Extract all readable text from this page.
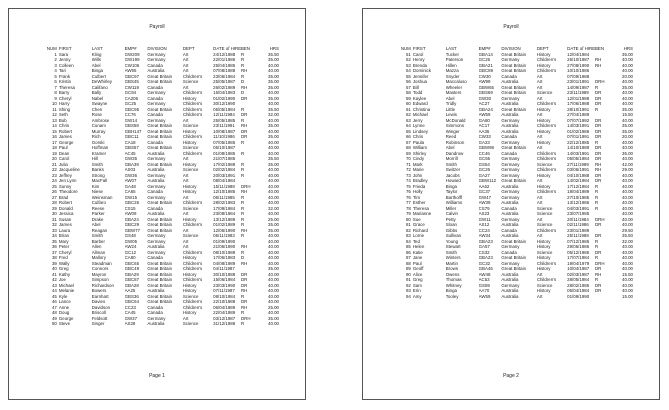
Payroll
NUM	FIRST	LAST	EMP#	DIVISION	DEPT	DATE of HIRE	BEN	HRS
1	Sara	Kling	GW209	Germany	Art	24/12/1988	R	35.50
2	Jenny	Wills	GW199	Germany	Art	22/01/1986	R	35.00
3	Colleen	Abel	CW106	Canada	Art	25/04/1985	R	40.00
4	Tari	Binga	AW95	Australia	Art	07/08/1988	RH	40.00
5	Frank	Culbert	GBC97	Great Britain	Children's	23/06/1984	R	35.00
6	Kristin	DeWhirley	GBS45	Great Britain	Science	25/05/1987	D	35.00
7	Theresa	Califano	CW119	Canada	Art	26/02/1989	RH	35.00
8	Barry	Bally	GC94	Germany	Children's	15/04/1983	D	40.00
9	Cheryl	Nabel	CA206	Canada	History	01/02/1990	DR	35.00
10	Harry	Swayne	GC25	Germany	Children's	30/12/1990		40.00
11	Shing	Chen	GBC95	Great Britain	Children's	05/05/1984	R	35.50
12	Seth	Rose	CC76	Canada	Children's	12/11/1984	DR	32.00
13	Bob	Ambrose	GW14	Germany	Art	25/05/1985	R	40.00
14	Chris	Cunam	GBS58	Great Britain	Science	23/11/1991	RH	35.00
15	Robert	Murray	GBH147	Great Britain	History	10/08/1987	DR	40.00
16	James	Rich	GBC11	Great Britain	Children's	11/10/1986	DR	35.00
17	George	Gorski	CA18	Canada	History	07/05/1985	R	40.00
18	Paul	Hoffman	GBS57	Great Britain	Science	05/10/1987		40.00
19	Dean	Kramer	AC45	Australia	Children's	01/08/1985	R	40.00
20	Carol	Hill	GW35	Germany	Art	21/07/1986		35.50
21	Julia	Smith	GBA39	Great Britain	History	17/02/1988	R	35.00
22	Jacqueline	Banks	AS03	Australia	Science	02/02/1984	R	40.00
23	Jeffrey	Strong	GW36	Germany	Art	20/03/1991	R	40.00
24	Jen Lynn	MacFall	AW07	Australia	Art	08/04/1984		40.00
25	Sunny	Kim	GA48	Germany	History	15/11/1988	DRH	40.00
26	Theodore	Niese	CA65	Canada	History	12/10/1985	RH	40.00
27	Brad	Weinsman	GW15	Germany	Art	06/11/1985	R	40.00
28	Robert	Culfaro	GBC26	Great Britain	Children's	28/02/1983	R	40.00
29	Donald	Reese	CS15	Canada	Science	17/09/1984	R	32.00
30	Jessica	Parker	AW09	Australia	Art	23/08/1984	R	40.00
31	Susan	Drake	GBA24	Great Britain	History	13/12/1989	R	25.00
32	James	Abel	GBC29	Great Britain	Children's	01/02/1989	R	35.00
33	Laura	Reagan	GBW77	Great Britain	Art	12/06/1990	RH	35.00
34	Brian	Smith	GS48	Germany	Science	05/11/1983	R	40.00
35	Mary	Barber	GW05	Germany	Art	01/09/1990		40.00
36	Peter	Allen	AW24	Australia	Art	21/06/1990	RH	40.00
37	Cheryl	Allman	GC12	Germany	Children's	08/10/1988	R	40.00
38	Fred	Mallory	CA80	Canada	History	17/06/1983	D	40.00
39	Wally	Steadman	GBC65	Great Britain	Children's	04/08/1989	RH	40.00
40	Greg	Connors	GBC49	Great Britain	Children's	04/11/1987		35.00
41	Kathy	Mayron	GBA29	Great Britain	History	30/10/1988	DR	40.00
42	Joe	Simpson	GBC87	Great Britain	Children's	15/06/1984	DR	40.00
43	Michael	Richardson	GBA28	Great Britain	History	23/03/1990	DR	40.00
44	Melanie	Bowers	AA25	Australia	History	07/11/1987	RH	40.00
45	Kyle	Earnhart	GBS36	Great Britain	Science	08/10/1984	R	40.00
46	Lance	Davies	GBC64	Great Britain	Children's	22/10/1988	DR	40.00
47	Anne	Davidson	CC23	Canada	Children's	06/04/1989	RH	25.00
48	Doug	Briscoll	CA45	Canada	History	22/04/1989	R	40.00
49	George	Feldsott	GW37	Germany	Art	03/12/1987	DRH	35.00
50	Steve	Singer	AS28	Australia	Science	31/12/1988	R	40.00
Page 1
Payroll
NUM	FIRST	LAST	EMP#	DIVISION	DEPT	DATE of HIRE	BEN	HRS
51	Carol	Tucker	GBA14	Great Britain	History	12/04/1984		35.00
52	Henry	Paterson	GC26	Germany	Children's	26/10/1987	RH	40.00
53	Brenda	Hillen	GBA21	Great Britain	History	27/08/1990	RH	40.00
54	Dominick	Mazza	GBC89	Great Britain	Children's	10/10/1986		40.00
55	Jennifer	Snyder	CW30	Canada	Art	07/09/1988		20.00
56	Joshua	Maccaluso	AW99	Australia	Art	23/01/1991	DRH	40.00
57	Bill	Wheeler	GBW65	Great Britain	Art	14/09/1987	R	35.00
58	Todd	Masters	GBS69	Great Britain	Science	23/11/1989	DR	40.00
59	Kaylee	Abel	GW30	Germany	Art	12/01/1988	DR	40.00
60	Edward	Tridly	AC27	Australia	Children's	17/06/1988	DR	40.00
61	Christina	Little	GBA24	Great Britain	History	28/10/1991	R	35.00
62	Michael	Lewis	AW59	Australia	Art	27/04/1989		15.50
63	Jerry	McDonald	GA80	Germany	History	07/07/1992	DR	40.00
64	Lynne	Simmons	AC17	Australia	Children's	14/03/1991	DR	35.00
65	Lindsey	Winger	AA35	Australia	History	01/02/1986	DR	35.00
66	Chris	Reed	CW33	Canada	Art	07/01/1991	DR	20.00
67	Paula	Robinson	GA23	Germany	History	22/12/1985	R	40.00
68	William	Abel	GBW98	Great Britain	Art	14/10/1989	DR	40.00
69	Shirley	Dandrow	CC46	Canada	Children's	14/03/1991	DR	35.00
70	Cindy	Morrill	GC56	Germany	Children's	05/05/1984	DR	40.00
71	Mark	Smith	GS54	Germany	Science	27/11/1989	RH	42.00
72	Marie	Switzer	GC26	Germany	Children's	03/06/1991	RH	29.00
73	John	Jacobs	GA27	Germany	History	04/10/1988	DR	40.00
74	Bradley	Howard	GBW112	Great Britain	Art	14/02/1984	DR	40.00
75	Frieda	Binga	AA62	Australia	History	17/12/1984	R	40.00
76	Holly	Taylor	GC37	Germany	Children's	18/04/1989	R	40.00
76	Tim	Bartholff	GW47	Germany	Art	27/10/1985	R	40.00
77	Esther	Williams	AW39	Australia	Art	13/12/1986	R	40.00
78	Theresa	Miller	CS79	Canada	Science	04/03/1991	R	40.00
79	Marianne	Calvin	AS23	Australia	Science	23/07/1985		40.00
80	Sue	Petty	GW11	Germany	Art	20/11/1984	DRH	40.00
81	Grace	Sloan	AS12	Australia	Science	02/11/1986	DR	40.00
82	Richard	Gibbs	CC24	Canada	Children's	23/01/1989		29.50
83	Lorrie	Sullivan	AW34	Australia	Art	25/11/1988	DR	35.50
84	Ted	Young	GBA23	Great Britain	History	07/12/1986	R	32.00
85	Helen	Stewart	GA57	Germany	History	29/06/1986	R	40.00
86	Katie	Smith	CS32	Canada	Science	05/12/1986	DR	40.00
87	Jane	Winters	GBA23	Great Britain	History	17/07/1984	R	40.00
88	Paul	Martin	GC32	Germany	Children's	19/04/1979	DRH	40.00
89	Geoff	Brown	GBA46	Great Britain	History	10/04/1987	DR	40.00
90	Alice	Owens	AW48	Australia	Art	02/03/1987	RH	15.50
91	Greg	Thomas	AC53	Australia	Children's	28/05/1984	R	40.00
92	Sam	Whitney	GS59	Germany	Science	28/02/1986	DR	40.00
93	Erin	Binga	AA70	Australia	History	05/04/1984	DR	40.00
94	Amy	Tooley	AW59	Australia	Art	01/09/1990		15.00
Page 2
